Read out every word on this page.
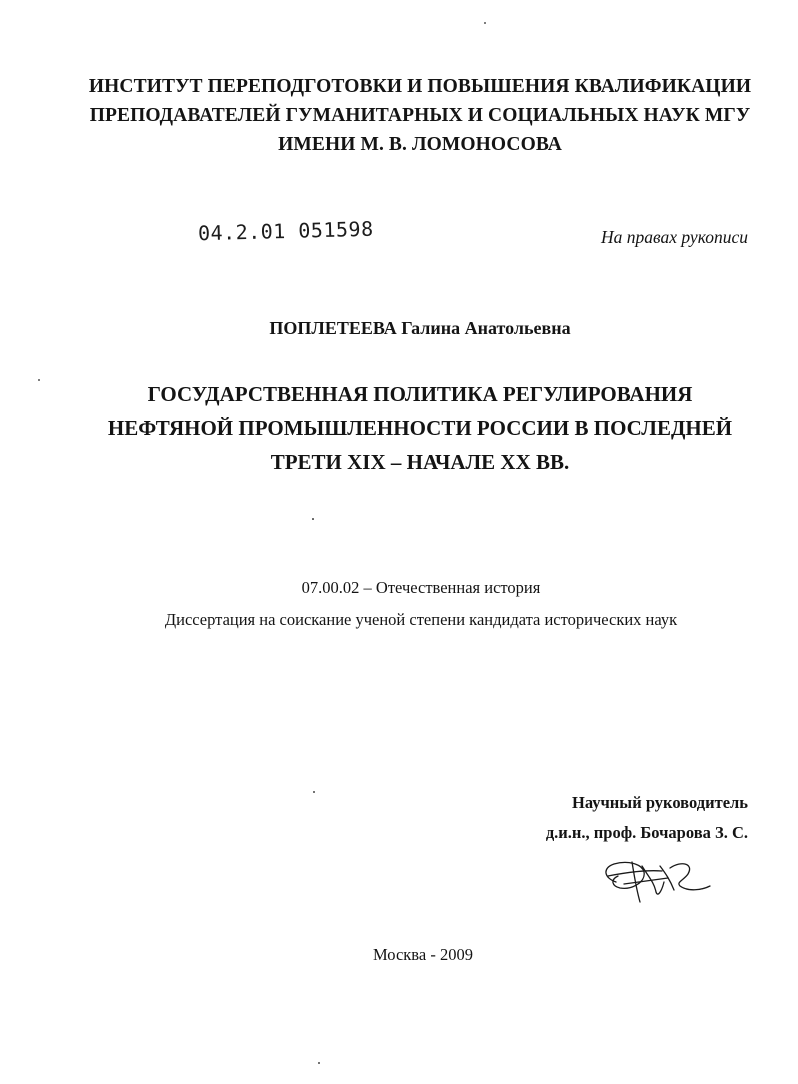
ИНСТИТУТ ПЕРЕПОДГОТОВКИ И ПОВЫШЕНИЯ КВАЛИФИКАЦИИ
ПРЕПОДАВАТЕЛЕЙ ГУМАНИТАРНЫХ И СОЦИАЛЬНЫХ НАУК МГУ
ИМЕНИ М. В. ЛОМОНОСОВА
04.2.01 051598	На правах рукописи
ПОПЛЕТЕЕВА Галина Анатольевна
ГОСУДАРСТВЕННАЯ ПОЛИТИКА РЕГУЛИРОВАНИЯ
НЕФТЯНОЙ ПРОМЫШЛЕННОСТИ РОССИИ В ПОСЛЕДНЕЙ
ТРЕТИ XIX – НАЧАЛЕ XX ВВ.
07.00.02 – Отечественная история
Диссертация на соискание ученой степени кандидата исторических наук
Научный руководитель
д.и.н., проф. Бочарова З. С.
Москва - 2009
